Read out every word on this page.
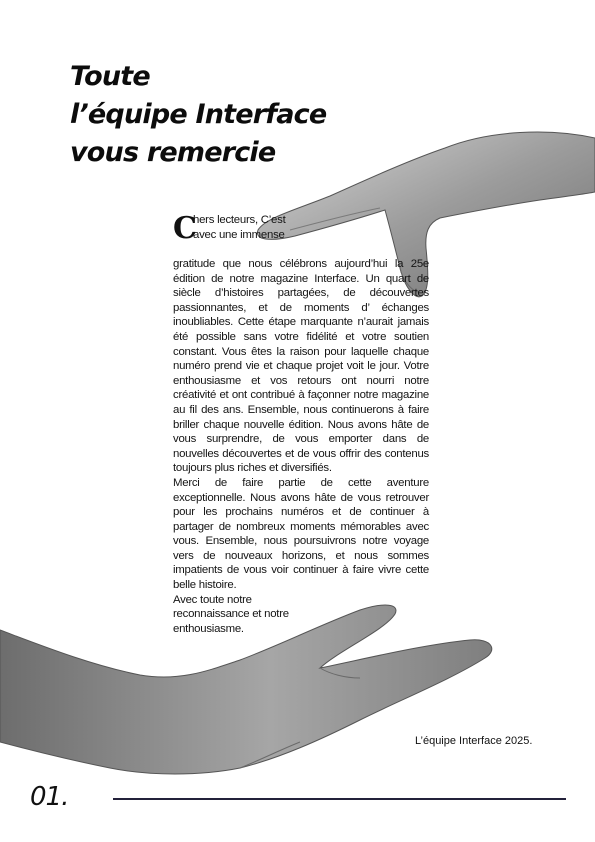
Toute
l’équipe Interface
vous remercie

C
hers lecteurs, C’est avec une immense

gratitude que nous célébrons aujourd’hui la 25e édition de notre magazine Interface. Un quart de siècle d’histoires partagées, de découvertes passionnantes, et de moments d’ échanges inoubliables. Cette étape marquante n’aurait jamais été possible sans votre fidélité et votre soutien constant. Vous êtes la raison pour laquelle chaque numéro prend vie et chaque projet voit le jour. Votre enthousiasme et vos retours ont nourri notre créativité et ont contribué à façonner notre magazine au fil des ans. Ensemble, nous continuerons à faire briller chaque nouvelle édition. Nous avons hâte de vous surprendre, de vous emporter dans de nouvelles découvertes et de vous offrir des contenus toujours plus riches et diversifiés.

Merci de faire partie de cette aventure exceptionnelle. Nous avons hâte de vous retrouver pour les prochains numéros et de continuer à partager de nombreux moments mémorables avec vous. Ensemble, nous poursuivrons notre voyage vers de nouveaux horizons, et nous sommes impatients de vous voir continuer à faire vivre cette belle histoire.

Avec toute notre

reconnaissance et notre

enthousiasme.

L’équipe Interface 2025.
01.
